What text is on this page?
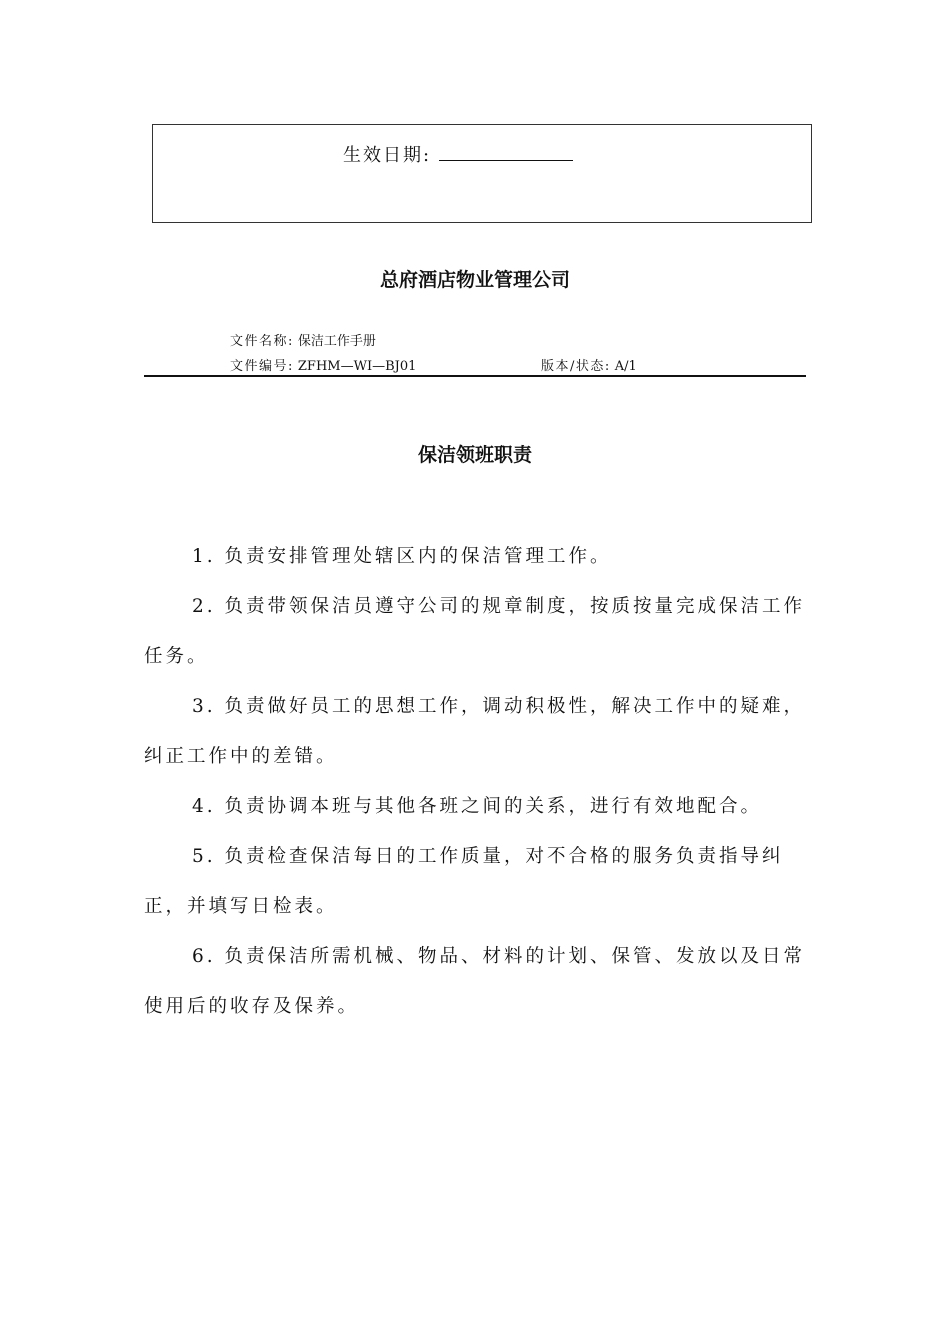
生效日期:
总府酒店物业管理公司
文件名称: 保洁工作手册
文件编号: ZFHM—WI—BJ01	版本/状态: A/1
保洁领班职责

1. 负责安排管理处辖区内的保洁管理工作。

2. 负责带领保洁员遵守公司的规章制度，按质按量完成保洁工作任务。

3. 负责做好员工的思想工作，调动积极性，解决工作中的疑难，纠正工作中的差错。

4. 负责协调本班与其他各班之间的关系，进行有效地配合。

5. 负责检查保洁每日的工作质量，对不合格的服务负责指导纠正，并填写日检表。

6. 负责保洁所需机械、物品、材料的计划、保管、发放以及日常使用后的收存及保养。
